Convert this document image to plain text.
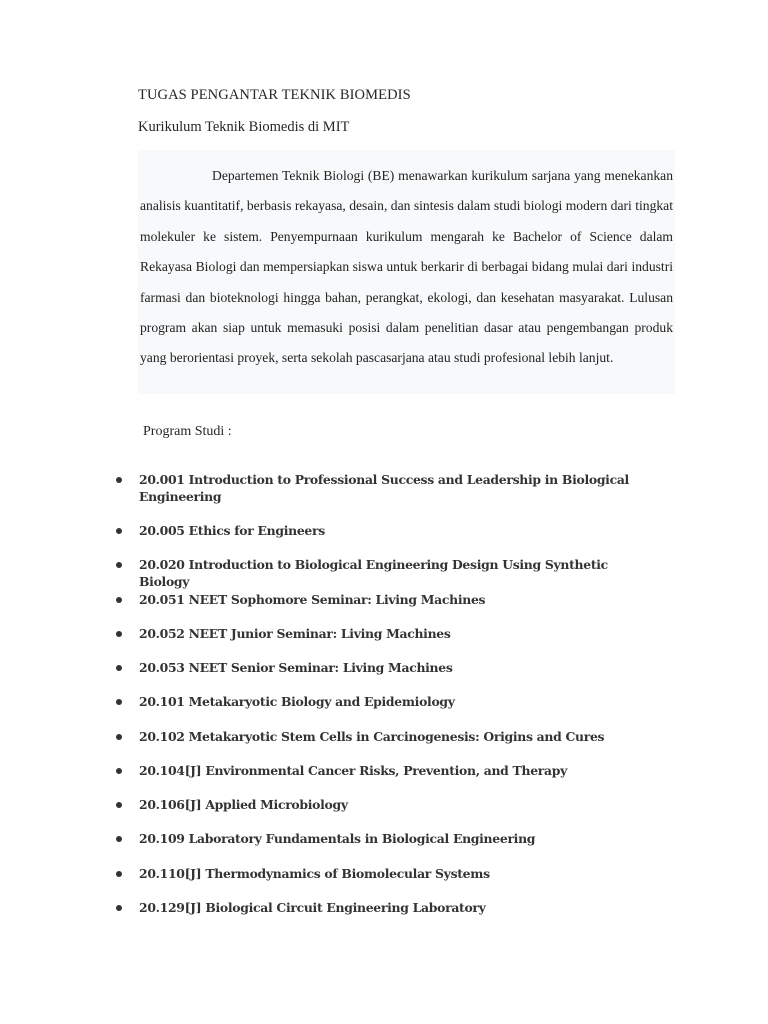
TUGAS PENGANTAR TEKNIK BIOMEDIS
Kurikulum Teknik Biomedis di MIT

Departemen Teknik Biologi (BE) menawarkan kurikulum sarjana yang menekankan analisis kuantitatif, berbasis rekayasa, desain, dan sintesis dalam studi biologi modern dari tingkat molekuler ke sistem. Penyempurnaan kurikulum mengarah ke Bachelor of Science dalam Rekayasa Biologi dan mempersiapkan siswa untuk berkarir di berbagai bidang mulai dari industri farmasi dan bioteknologi hingga bahan, perangkat, ekologi, dan kesehatan masyarakat. Lulusan program akan siap untuk memasuki posisi dalam penelitian dasar atau pengembangan produk yang berorientasi proyek, serta sekolah pascasarjana atau studi profesional lebih lanjut.

Program Studi :
20.001 Introduction to Professional Success and Leadership in Biological Engineering
20.005 Ethics for Engineers
20.020 Introduction to Biological Engineering Design Using Synthetic Biology
20.051 NEET Sophomore Seminar: Living Machines
20.052 NEET Junior Seminar: Living Machines
20.053 NEET Senior Seminar: Living Machines
20.101 Metakaryotic Biology and Epidemiology
20.102 Metakaryotic Stem Cells in Carcinogenesis: Origins and Cures
20.104[J] Environmental Cancer Risks, Prevention, and Therapy
20.106[J] Applied Microbiology
20.109 Laboratory Fundamentals in Biological Engineering
20.110[J] Thermodynamics of Biomolecular Systems
20.129[J] Biological Circuit Engineering Laboratory
